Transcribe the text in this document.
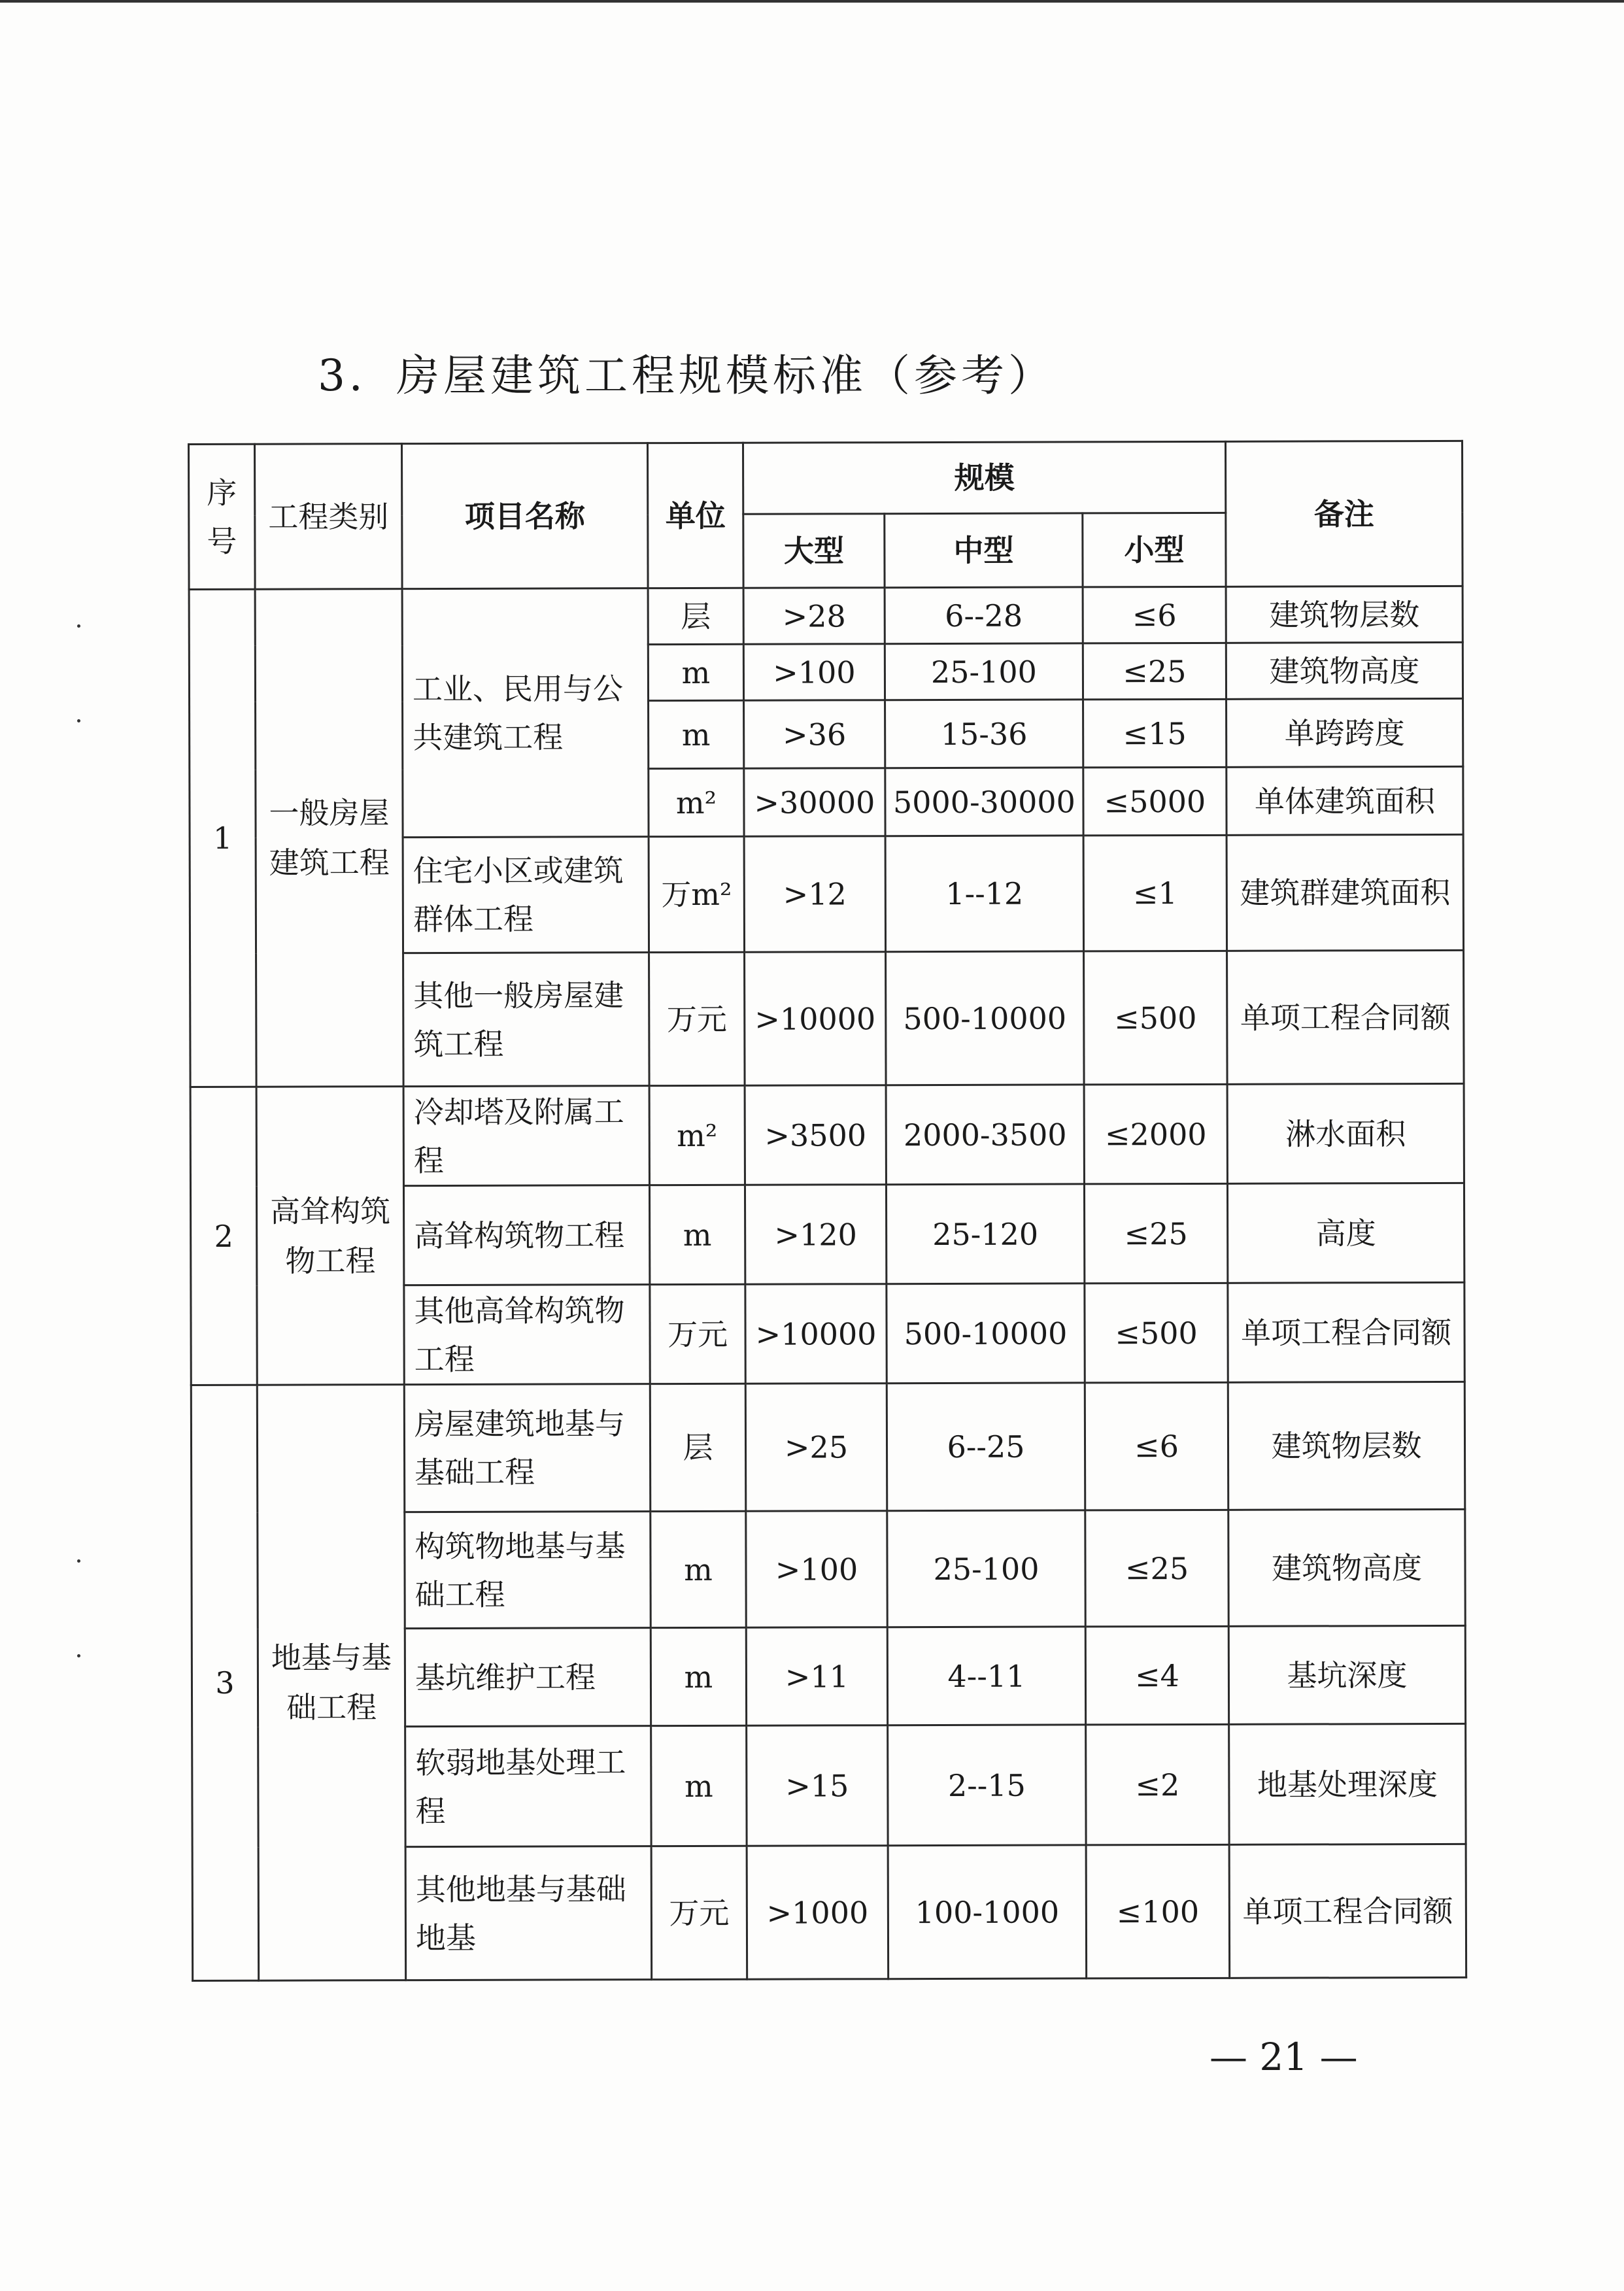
3．房屋建筑工程规模标准（参考）
序号	工程类别	项目名称	单位	规模			备注
				大型	中型	小型	
1	一般房屋建筑工程	工业、民用与公共建筑工程	层	>28	6--28	≤6	建筑物层数
			m	>100	25-100	≤25	建筑物高度
			m	>36	15-36	≤15	单跨跨度
			m²	>30000	5000-30000	≤5000	单体建筑面积
		住宅小区或建筑群体工程	万m²	>12	1--12	≤1	建筑群建筑面积
		其他一般房屋建筑工程	万元	>10000	500-10000	≤500	单项工程合同额
2	高耸构筑物工程	冷却塔及附属工程	m²	>3500	2000-3500	≤2000	淋水面积
		高耸构筑物工程	m	>120	25-120	≤25	高度
		其他高耸构筑物工程	万元	>10000	500-10000	≤500	单项工程合同额
3	地基与基础工程	房屋建筑地基与基础工程	层	>25	6--25	≤6	建筑物层数
		构筑物地基与基础工程	m	>100	25-100	≤25	建筑物高度
		基坑维护工程	m	>11	4--11	≤4	基坑深度
		软弱地基处理工程	m	>15	2--15	≤2	地基处理深度
		其他地基与基础地基	万元	>1000	100-1000	≤100	单项工程合同额
— 21 —
